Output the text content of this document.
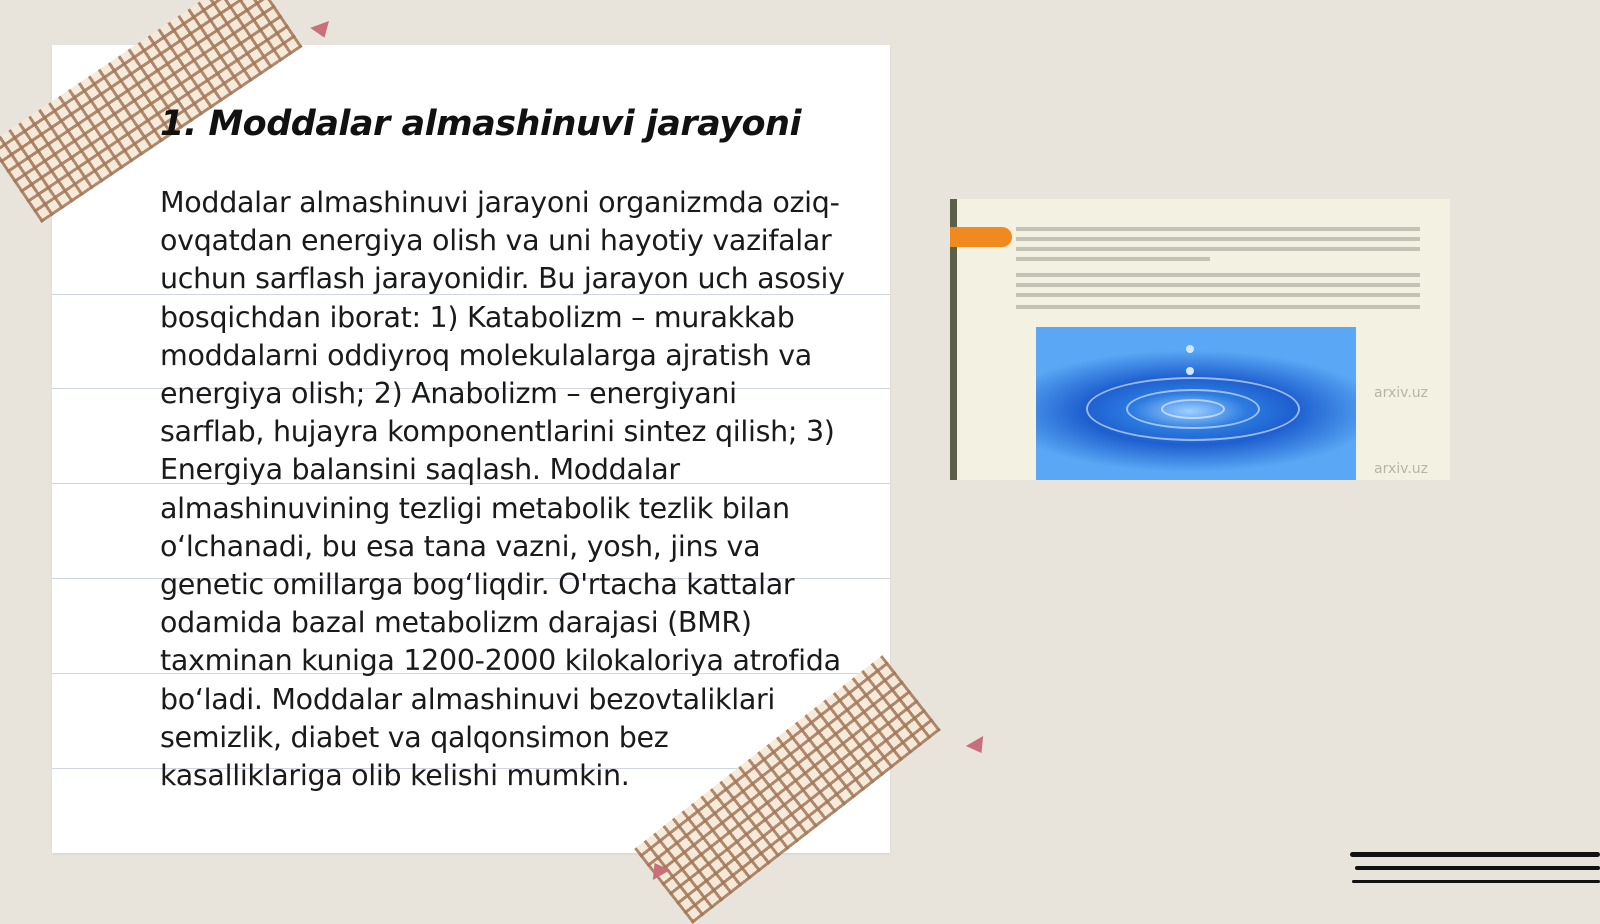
1. Moddalar almashinuvi jarayoni

Moddalar almashinuvi jarayoni organizmda oziq-ovqatdan energiya olish va uni hayotiy vazifalar uchun sarflash jarayonidir. Bu jarayon uch asosiy bosqichdan iborat: 1) Katabolizm – murakkab moddalarni oddiyroq molekulalarga ajratish va energiya olish; 2) Anabolizm – energiyani sarflab, hujayra komponentlarini sintez qilish; 3) Energiya balansini saqlash. Moddalar almashinuvining tezligi metabolik tezlik bilan o‘lchanadi, bu esa tana vazni, yosh, jins va genetic omillarga bog‘liqdir. O'rtacha kattalar odamida bazal metabolizm darajasi (BMR) taxminan kuniga 1200-2000 kilokaloriya atrofida bo‘ladi. Moddalar almashinuvi bezovtaliklari semizlik, diabet va qalqonsimon bez kasalliklariga olib kelishi mumkin.

arxiv.uz
arxiv.uz
